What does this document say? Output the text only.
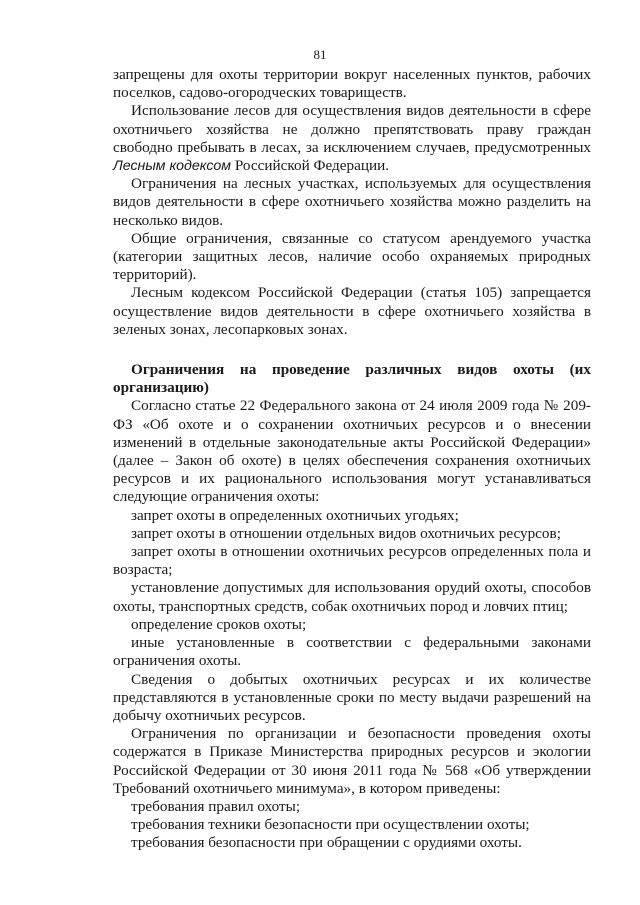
81

запрещены для охоты территории вокруг населенных пунктов, рабочих поселков, садово-огородческих товариществ.

Использование лесов для осуществления видов деятельности в сфере охотничьего хозяйства не должно препятствовать праву граждан свободно пребывать в лесах, за исключением случаев, предусмотренных Лесным кодексом Российской Федерации.

Ограничения на лесных участках, используемых для осуществления видов деятельности в сфере охотничьего хозяйства можно разделить на несколько видов.

Общие ограничения, связанные со статусом арендуемого участка (категории защитных лесов, наличие особо охраняемых природных территорий).

Лесным кодексом Российской Федерации (статья 105) запрещается осуществление видов деятельности в сфере охотничьего хозяйства в зеленых зонах, лесопарковых зонах.

Ограничения на проведение различных видов охоты (их организацию)

Согласно статье 22 Федерального закона от 24 июля 2009 года № 209-ФЗ «Об охоте и о сохранении охотничьих ресурсов и о внесении изменений в отдельные законодательные акты Российской Федерации» (далее – Закон об охоте) в целях обеспечения сохранения охотничьих ресурсов и их рационального использования могут устанавливаться следующие ограничения охоты:

запрет охоты в определенных охотничьих угодьях;

запрет охоты в отношении отдельных видов охотничьих ресурсов;

запрет охоты в отношении охотничьих ресурсов определенных пола и возраста;

установление допустимых для использования орудий охоты, способов охоты, транспортных средств, собак охотничьих пород и ловчих птиц;

определение сроков охоты;

иные установленные в соответствии с федеральными законами ограничения охоты.

Сведения о добытых охотничьих ресурсах и их количестве представляются в установленные сроки по месту выдачи разрешений на добычу охотничьих ресурсов.

Ограничения по организации и безопасности проведения охоты содержатся в Приказе Министерства природных ресурсов и экологии Российской Федерации от 30 июня 2011 года № 568 «Об утверждении Требований охотничьего минимума», в котором приведены:

требования правил охоты;

требования техники безопасности при осуществлении охоты;

требования безопасности при обращении с орудиями охоты.
